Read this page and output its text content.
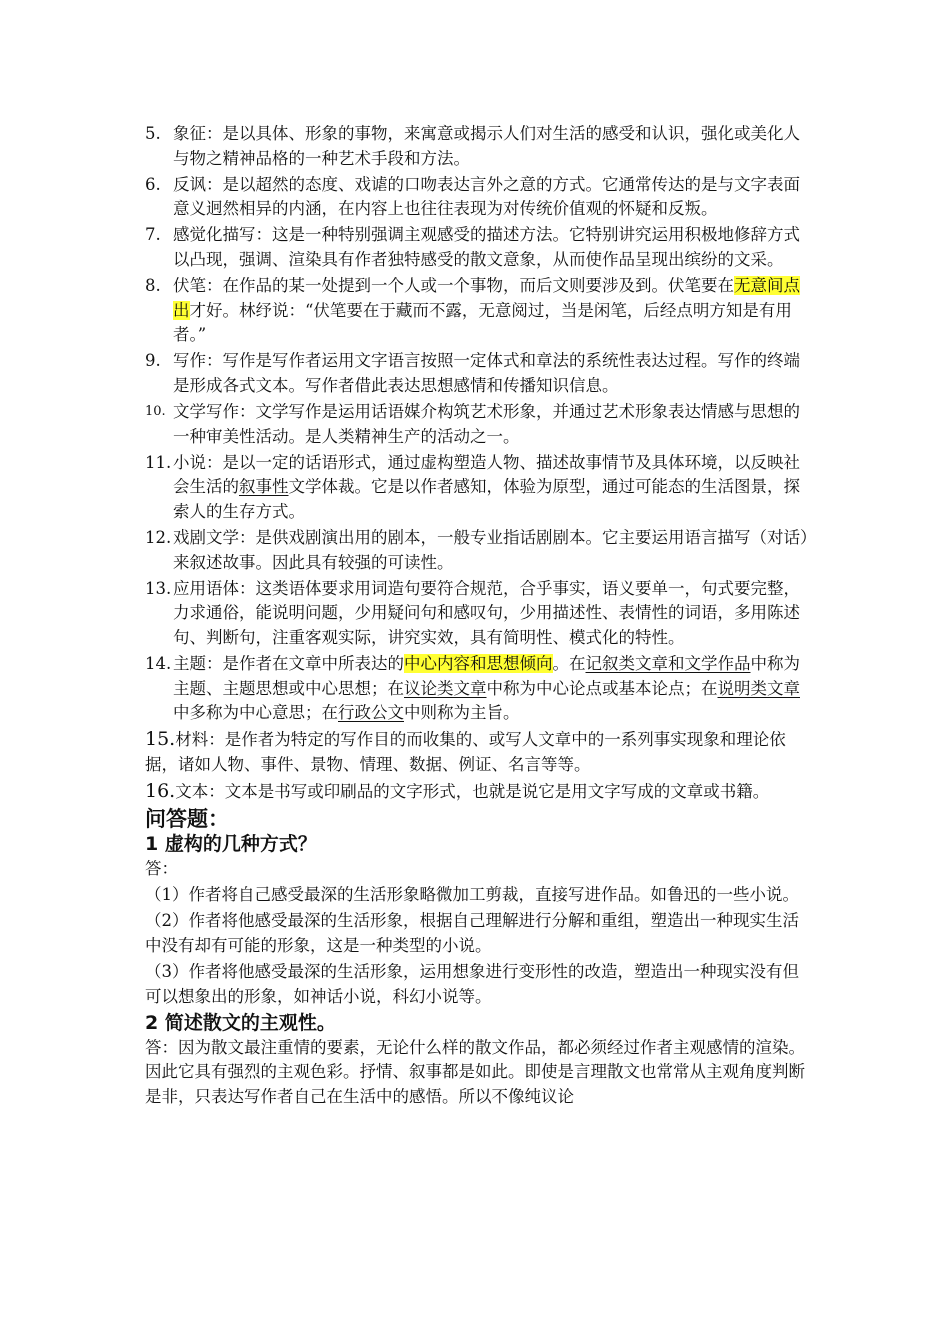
5. 象征：是以具体、形象的事物，来寓意或揭示人们对生活的感受和认识，强化或美化人与物之精神品格的一种艺术手段和方法。
6. 反讽：是以超然的态度、戏谑的口吻表达言外之意的方式。它通常传达的是与文字表面意义迥然相异的内涵，在内容上也往往表现为对传统价值观的怀疑和反叛。
7. 感觉化描写：这是一种特别强调主观感受的描述方法。它特别讲究运用积极地修辞方式以凸现，强调、渲染具有作者独特感受的散文意象，从而使作品呈现出缤纷的文采。
8. 伏笔：在作品的某一处提到一个人或一个事物，而后文则要涉及到。伏笔要在无意间点出才好。林纾说：“伏笔要在于藏而不露，无意阅过，当是闲笔，后经点明方知是有用者。”
9. 写作：写作是写作者运用文字语言按照一定体式和章法的系统性表达过程。写作的终端是形成各式文本。写作者借此表达思想感情和传播知识信息。
10. 文学写作：文学写作是运用话语媒介构筑艺术形象，并通过艺术形象表达情感与思想的一种审美性活动。是人类精神生产的活动之一。
11. 小说：是以一定的话语形式，通过虚构塑造人物、描述故事情节及具体环境，以反映社会生活的叙事性文学体裁。它是以作者感知，体验为原型，通过可能态的生活图景，探索人的生存方式。
12. 戏剧文学：是供戏剧演出用的剧本，一般专业指话剧剧本。它主要运用语言描写（对话）来叙述故事。因此具有较强的可读性。
13. 应用语体：这类语体要求用词造句要符合规范，合乎事实，语义要单一，句式要完整，力求通俗，能说明问题，少用疑问句和感叹句，少用描述性、表情性的词语，多用陈述句、判断句，注重客观实际，讲究实效，具有简明性、模式化的特性。
14. 主题：是作者在文章中所表达的中心内容和思想倾向。在记叙类文章和文学作品中称为主题、主题思想或中心思想；在议论类文章中称为中心论点或基本论点；在说明类文章中多称为中心意思；在行政公文中则称为主旨。

15.材料：是作者为特定的写作目的而收集的、或写人文章中的一系列事实现象和理论依据，诸如人物、事件、景物、情理、数据、例证、名言等等。

16.文本：文本是书写或印刷品的文字形式，也就是说它是用文字写成的文章或书籍。

问答题：
1 虚构的几种方式？

答：

（1）作者将自己感受最深的生活形象略微加工剪裁，直接写进作品。如鲁迅的一些小说。

（2）作者将他感受最深的生活形象，根据自己理解进行分解和重组，塑造出一种现实生活中没有却有可能的形象，这是一种类型的小说。

（3）作者将他感受最深的生活形象，运用想象进行变形性的改造，塑造出一种现实没有但可以想象出的形象，如神话小说，科幻小说等。

2 简述散文的主观性。

答：因为散文最注重情的要素，无论什么样的散文作品，都必须经过作者主观感情的渲染。因此它具有强烈的主观色彩。抒情、叙事都是如此。即使是言理散文也常常从主观角度判断是非，只表达写作者自己在生活中的感悟。所以不像纯议论
